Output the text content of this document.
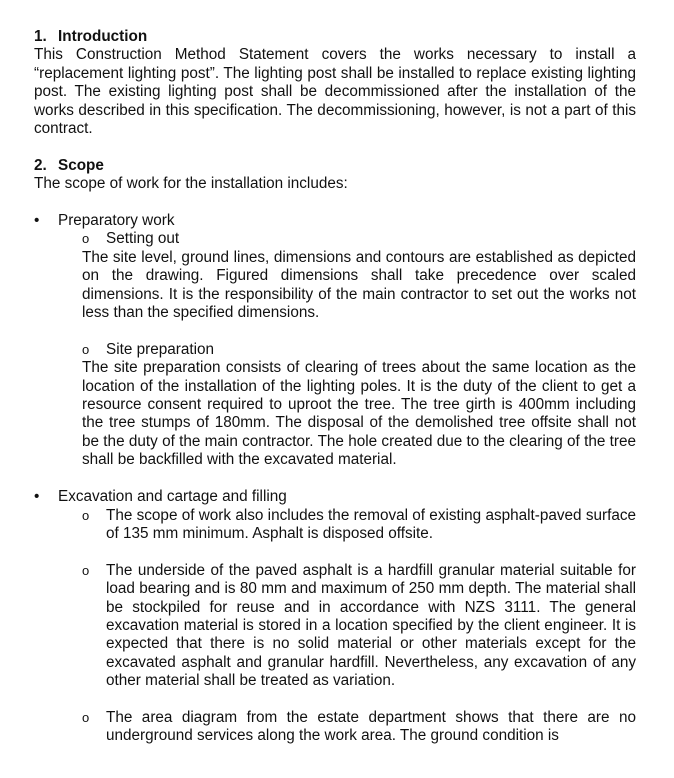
1. Introduction

This Construction Method Statement covers the works necessary to install a “replacement lighting post”. The lighting post shall be installed to replace existing lighting post. The existing lighting post shall be decommissioned after the installation of the works described in this specification. The decommissioning, however, is not a part of this contract.

2. Scope

The scope of work for the installation includes:

•	Preparatory work
o	Setting out
The site level, ground lines, dimensions and contours are established as depicted on the drawing. Figured dimensions shall take precedence over scaled dimensions. It is the responsibility of the main contractor to set out the works not less than the specified dimensions.
o	Site preparation
The site preparation consists of clearing of trees about the same location as the location of the installation of the lighting poles. It is the duty of the client to get a resource consent required to uproot the tree. The tree girth is 400mm including the tree stumps of 180mm. The disposal of the demolished tree offsite shall not be the duty of the main contractor. The hole created due to the clearing of the tree shall be backfilled with the excavated material.
•	Excavation and cartage and filling
o	The scope of work also includes the removal of existing asphalt-paved surface of 135 mm minimum. Asphalt is disposed offsite.
o	The underside of the paved asphalt is a hardfill granular material suitable for load bearing and is 80 mm and maximum of 250 mm depth. The material shall be stockpiled for reuse and in accordance with NZS 3111. The general excavation material is stored in a location specified by the client engineer. It is expected that there is no solid material or other materials except for the excavated asphalt and granular hardfill. Nevertheless, any excavation of any other material shall be treated as variation.
o	The area diagram from the estate department shows that there are no underground services along the work area. The ground condition is
